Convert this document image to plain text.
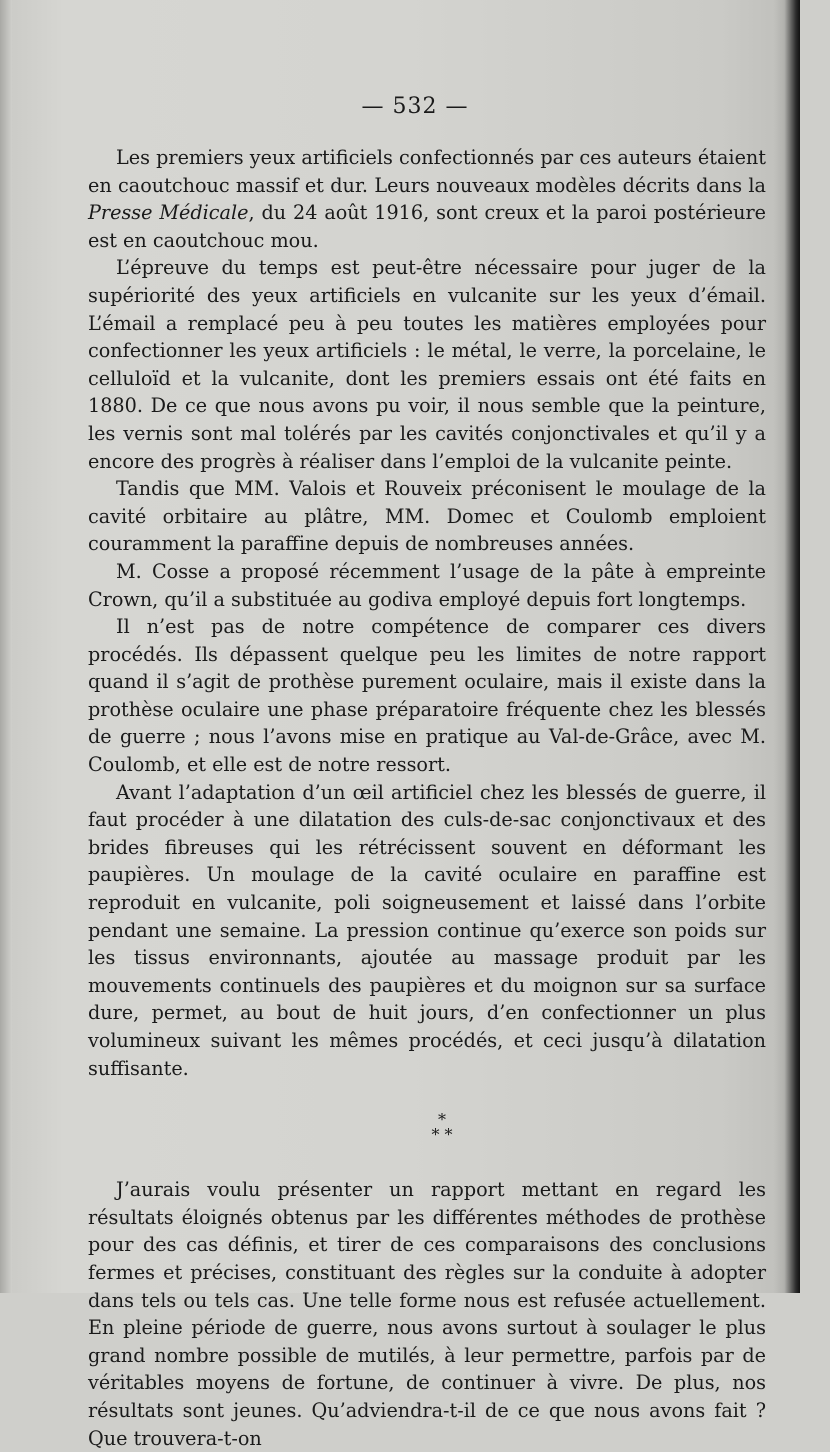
— 532 —

Les premiers yeux artificiels confectionnés par ces auteurs étaient en caoutchouc massif et dur. Leurs nouveaux modèles décrits dans la Presse Médicale, du 24 août 1916, sont creux et la paroi postérieure est en caoutchouc mou.

L’épreuve du temps est peut-être nécessaire pour juger de la supériorité des yeux artificiels en vulcanite sur les yeux d’émail. L’émail a remplacé peu à peu toutes les matières employées pour confectionner les yeux artificiels : le métal, le verre, la porcelaine, le celluloïd et la vulcanite, dont les premiers essais ont été faits en 1880. De ce que nous avons pu voir, il nous semble que la peinture, les vernis sont mal tolérés par les cavités conjonctivales et qu’il y a encore des progrès à réaliser dans l’emploi de la vulcanite peinte.

Tandis que MM. Valois et Rouveix préconisent le moulage de la cavité orbitaire au plâtre, MM. Domec et Coulomb emploient couramment la paraffine depuis de nombreuses années.

M. Cosse a proposé récemment l’usage de la pâte à empreinte Crown, qu’il a substituée au godiva employé depuis fort longtemps.

Il n’est pas de notre compétence de comparer ces divers procédés. Ils dépassent quelque peu les limites de notre rapport quand il s’agit de prothèse purement oculaire, mais il existe dans la prothèse oculaire une phase préparatoire fréquente chez les blessés de guerre ; nous l’avons mise en pratique au Val-de-Grâce, avec M. Coulomb, et elle est de notre ressort.

Avant l’adaptation d’un œil artificiel chez les blessés de guerre, il faut procéder à une dilatation des culs-de-sac conjonctivaux et des brides fibreuses qui les rétrécissent souvent en déformant les paupières. Un moulage de la cavité oculaire en paraffine est reproduit en vulcanite, poli soigneusement et laissé dans l’orbite pendant une semaine. La pression continue qu’exerce son poids sur les tissus environnants, ajoutée au massage produit par les mouvements continuels des paupières et du moignon sur sa surface dure, permet, au bout de huit jours, d’en confectionner un plus volumineux suivant les mêmes procédés, et ceci jusqu’à dilatation suffisante.

*
* *

J’aurais voulu présenter un rapport mettant en regard les résultats éloignés obtenus par les différentes méthodes de prothèse pour des cas définis, et tirer de ces comparaisons des conclusions fermes et précises, constituant des règles sur la conduite à adopter dans tels ou tels cas. Une telle forme nous est refusée actuellement. En pleine période de guerre, nous avons surtout à soulager le plus grand nombre possible de mutilés, à leur permettre, parfois par de véritables moyens de fortune, de continuer à vivre. De plus, nos résultats sont jeunes. Qu’adviendra-t-il de ce que nous avons fait ? Que trouvera-t-on
